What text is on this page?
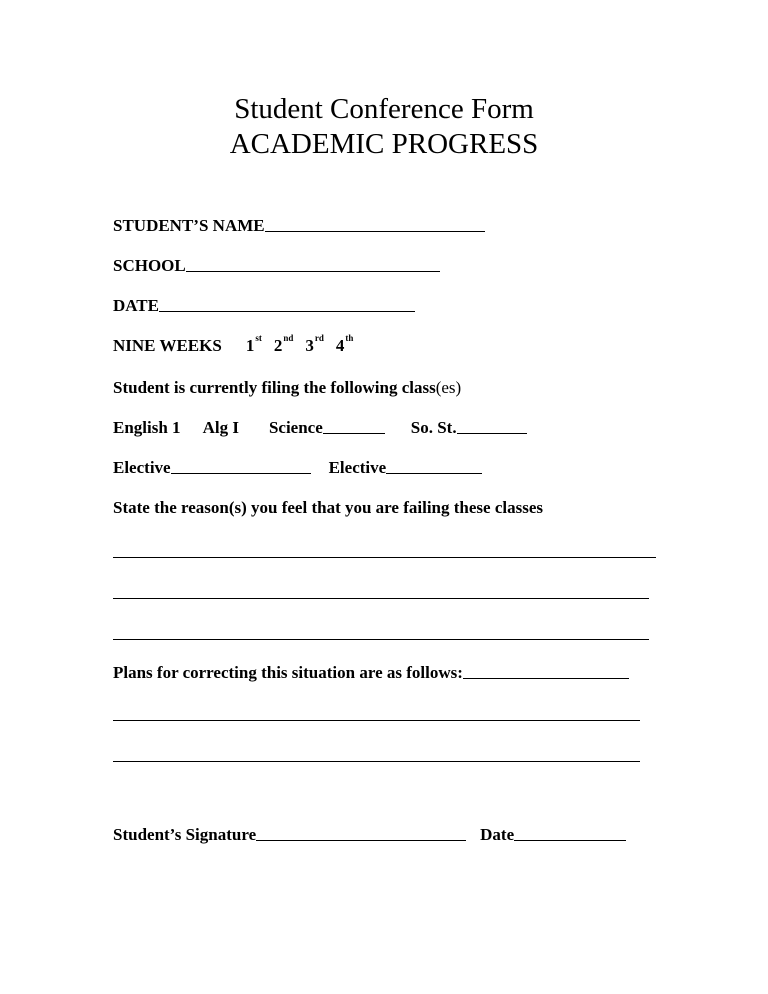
Student Conference Form
ACADEMIC PROGRESS
STUDENT’S NAME
SCHOOL
DATE
NINE WEEKS 1st 2nd 3rd 4th
Student is currently filing the following class (es)
English 1 Alg I Science	So. St.
Elective	Elective
State the reason(s) you feel that you are failing these classes
Plans for correcting this situation are as follows:
Student’s Signature	Date
